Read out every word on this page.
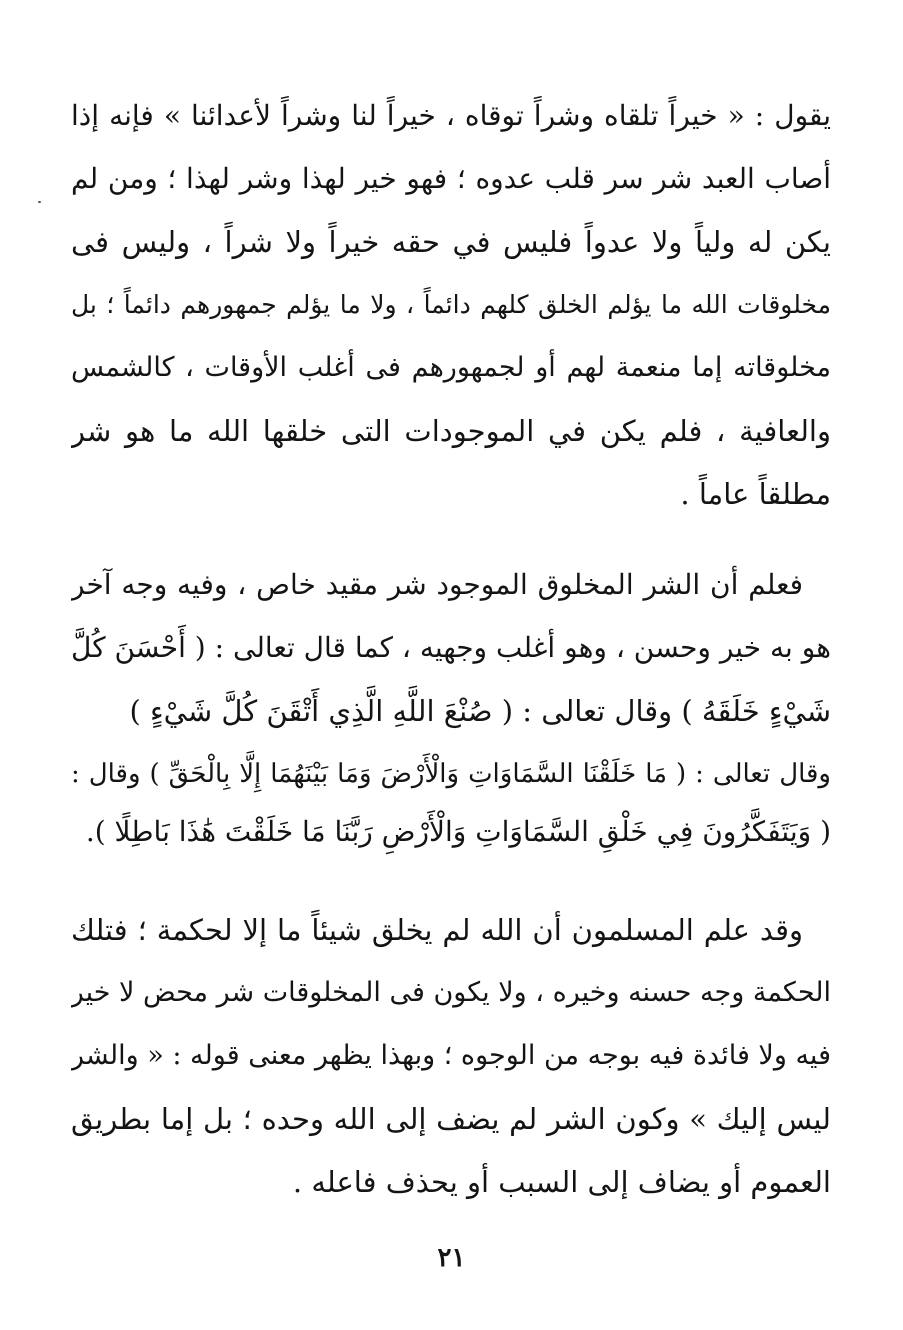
يقول : « خيراً تلقاه وشراً توقاه ، خيراً لنا وشراً لأعدائنا » فإنه إذا
أصاب العبد شر سر قلب عدوه ؛ فهو خير لهذا وشر لهذا ؛ ومن لم
يكن له ولياً ولا عدواً فليس في حقه خيراً ولا شراً ، وليس فى
مخلوقات الله ما يؤلم الخلق كلهم دائماً ، ولا ما يؤلم جمهورهم دائماً ؛ بل
مخلوقاته إما منعمة لهم أو لجمهورهم فى أغلب الأوقات ، كالشمس
والعافية ، فلم يكن في الموجودات التى خلقها الله ما هو شر
مطلقاً عاماً .
فعلم أن الشر المخلوق الموجود شر مقيد خاص ، وفيه وجه آخر
هو به خير وحسن ، وهو أغلب وجهيه ، كما قال تعالى : ( أَحْسَنَ كُلَّ
شَيْءٍ خَلَقَهُ ) وقال تعالى : ( صُنْعَ اللَّهِ الَّذِي أَتْقَنَ كُلَّ شَيْءٍ )
وقال تعالى : ( مَا خَلَقْنَا السَّمَاوَاتِ وَالْأَرْضَ وَمَا بَيْنَهُمَا إِلَّا بِالْحَقِّ ) وقال :
( وَيَتَفَكَّرُونَ فِي خَلْقِ السَّمَاوَاتِ وَالْأَرْضِ رَبَّنَا مَا خَلَقْتَ هَٰذَا بَاطِلًا ).
وقد علم المسلمون أن الله لم يخلق شيئاً ما إلا لحكمة ؛ فتلك
الحكمة وجه حسنه وخيره ، ولا يكون فى المخلوقات شر محض لا خير
فيه ولا فائدة فيه بوجه من الوجوه ؛ وبهذا يظهر معنى قوله : « والشر
ليس إليك » وكون الشر لم يضف إلى الله وحده ؛ بل إما بطريق
العموم أو يضاف إلى السبب أو يحذف فاعله .
٢١
